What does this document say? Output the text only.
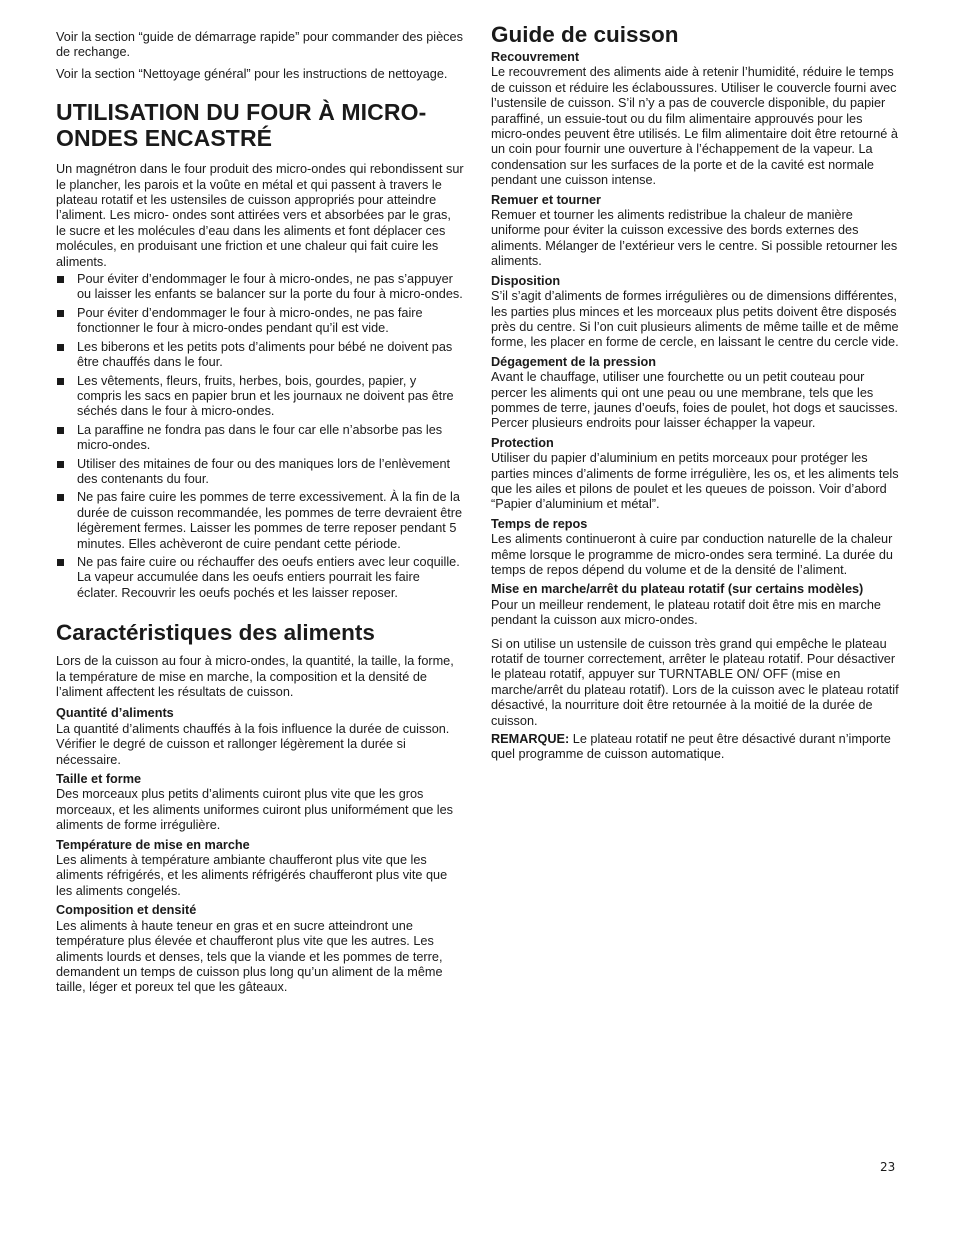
Voir la section “guide de démarrage rapide” pour commander des pièces de rechange.

Voir la section “Nettoyage général” pour les instructions de nettoyage.

UTILISATION DU FOUR À MICRO-ONDES ENCASTRÉ

Un magnétron dans le four produit des micro-ondes qui rebondissent sur le plancher, les parois et la voûte en métal et qui passent à travers le plateau rotatif et les ustensiles de cuisson appropriés pour atteindre l’aliment. Les micro- ondes sont attirées vers et absorbées par le gras, le sucre et les molécules d’eau dans les aliments et font déplacer ces molécules, en produisant une friction et une chaleur qui fait cuire les aliments.

Pour éviter d’endommager le four à micro-ondes, ne pas s’appuyer ou laisser les enfants se balancer sur la porte du four à micro-ondes.
Pour éviter d’endommager le four à micro-ondes, ne pas faire fonctionner le four à micro-ondes pendant qu’il est vide.
Les biberons et les petits pots d’aliments pour bébé ne doivent pas être chauffés dans le four.
Les vêtements, fleurs, fruits, herbes, bois, gourdes, papier, y compris les sacs en papier brun et les journaux ne doivent pas être séchés dans le four à micro-ondes.
La paraffine ne fondra pas dans le four car elle n’absorbe pas les micro-ondes.
Utiliser des mitaines de four ou des maniques lors de l’enlèvement des contenants du four.
Ne pas faire cuire les pommes de terre excessivement. À la fin de la durée de cuisson recommandée, les pommes de terre devraient être légèrement fermes. Laisser les pommes de terre reposer pendant 5 minutes. Elles achèveront de cuire pendant cette période.
Ne pas faire cuire ou réchauffer des oeufs entiers avec leur coquille. La vapeur accumulée dans les oeufs entiers pourrait les faire éclater. Recouvrir les oeufs pochés et les laisser reposer.
Caractéristiques des aliments

Lors de la cuisson au four à micro-ondes, la quantité, la taille, la forme, la température de mise en marche, la composition et la densité de l’aliment affectent les résultats de cuisson.

Quantité d’aliments

La quantité d’aliments chauffés à la fois influence la durée de cuisson. Vérifier le degré de cuisson et rallonger légèrement la durée si nécessaire.

Taille et forme

Des morceaux plus petits d’aliments cuiront plus vite que les gros morceaux, et les aliments uniformes cuiront plus uniformément que les aliments de forme irrégulière.

Température de mise en marche

Les aliments à température ambiante chaufferont plus vite que les aliments réfrigérés, et les aliments réfrigérés chaufferont plus vite que les aliments congelés.

Composition et densité

Les aliments à haute teneur en gras et en sucre atteindront une température plus élevée et chaufferont plus vite que les autres. Les aliments lourds et denses, tels que la viande et les pommes de terre, demandent un temps de cuisson plus long qu’un aliment de la même taille, léger et poreux tel que les gâteaux.

Guide de cuisson

Recouvrement

Le recouvrement des aliments aide à retenir l’humidité, réduire le temps de cuisson et réduire les éclaboussures. Utiliser le couvercle fourni avec l’ustensile de cuisson. S’il n’y a pas de couvercle disponible, du papier paraffiné, un essuie-tout ou du film alimentaire approuvés pour les micro-ondes peuvent être utilisés. Le film alimentaire doit être retourné à un coin pour fournir une ouverture à l’échappement de la vapeur. La condensation sur les surfaces de la porte et de la cavité est normale pendant une cuisson intense.

Remuer et tourner

Remuer et tourner les aliments redistribue la chaleur de manière uniforme pour éviter la cuisson excessive des bords externes des aliments. Mélanger de l’extérieur vers le centre. Si possible retourner les aliments.

Disposition

S’il s’agit d’aliments de formes irrégulières ou de dimensions différentes, les parties plus minces et les morceaux plus petits doivent être disposés près du centre. Si l’on cuit plusieurs aliments de même taille et de même forme, les placer en forme de cercle, en laissant le centre du cercle vide.

Dégagement de la pression

Avant le chauffage, utiliser une fourchette ou un petit couteau pour percer les aliments qui ont une peau ou une membrane, tels que les pommes de terre, jaunes d’oeufs, foies de poulet, hot dogs et saucisses. Percer plusieurs endroits pour laisser échapper la vapeur.

Protection

Utiliser du papier d’aluminium en petits morceaux pour protéger les parties minces d’aliments de forme irrégulière, les os, et les aliments tels que les ailes et pilons de poulet et les queues de poisson. Voir d’abord “Papier d’aluminium et métal”.

Temps de repos

Les aliments continueront à cuire par conduction naturelle de la chaleur même lorsque le programme de micro-ondes sera terminé. La durée du temps de repos dépend du volume et de la densité de l’aliment.

Mise en marche/arrêt du plateau rotatif (sur certains modèles)

Pour un meilleur rendement, le plateau rotatif doit être mis en marche pendant la cuisson aux micro-ondes.

Si on utilise un ustensile de cuisson très grand qui empêche le plateau rotatif de tourner correctement, arrêter le plateau rotatif. Pour désactiver le plateau rotatif, appuyer sur TURNTABLE ON/ OFF (mise en marche/arrêt du plateau rotatif). Lors de la cuisson avec le plateau rotatif désactivé, la nourriture doit être retournée à la moitié de la durée de cuisson.

REMARQUE: Le plateau rotatif ne peut être désactivé durant n’importe quel programme de cuisson automatique.

23
